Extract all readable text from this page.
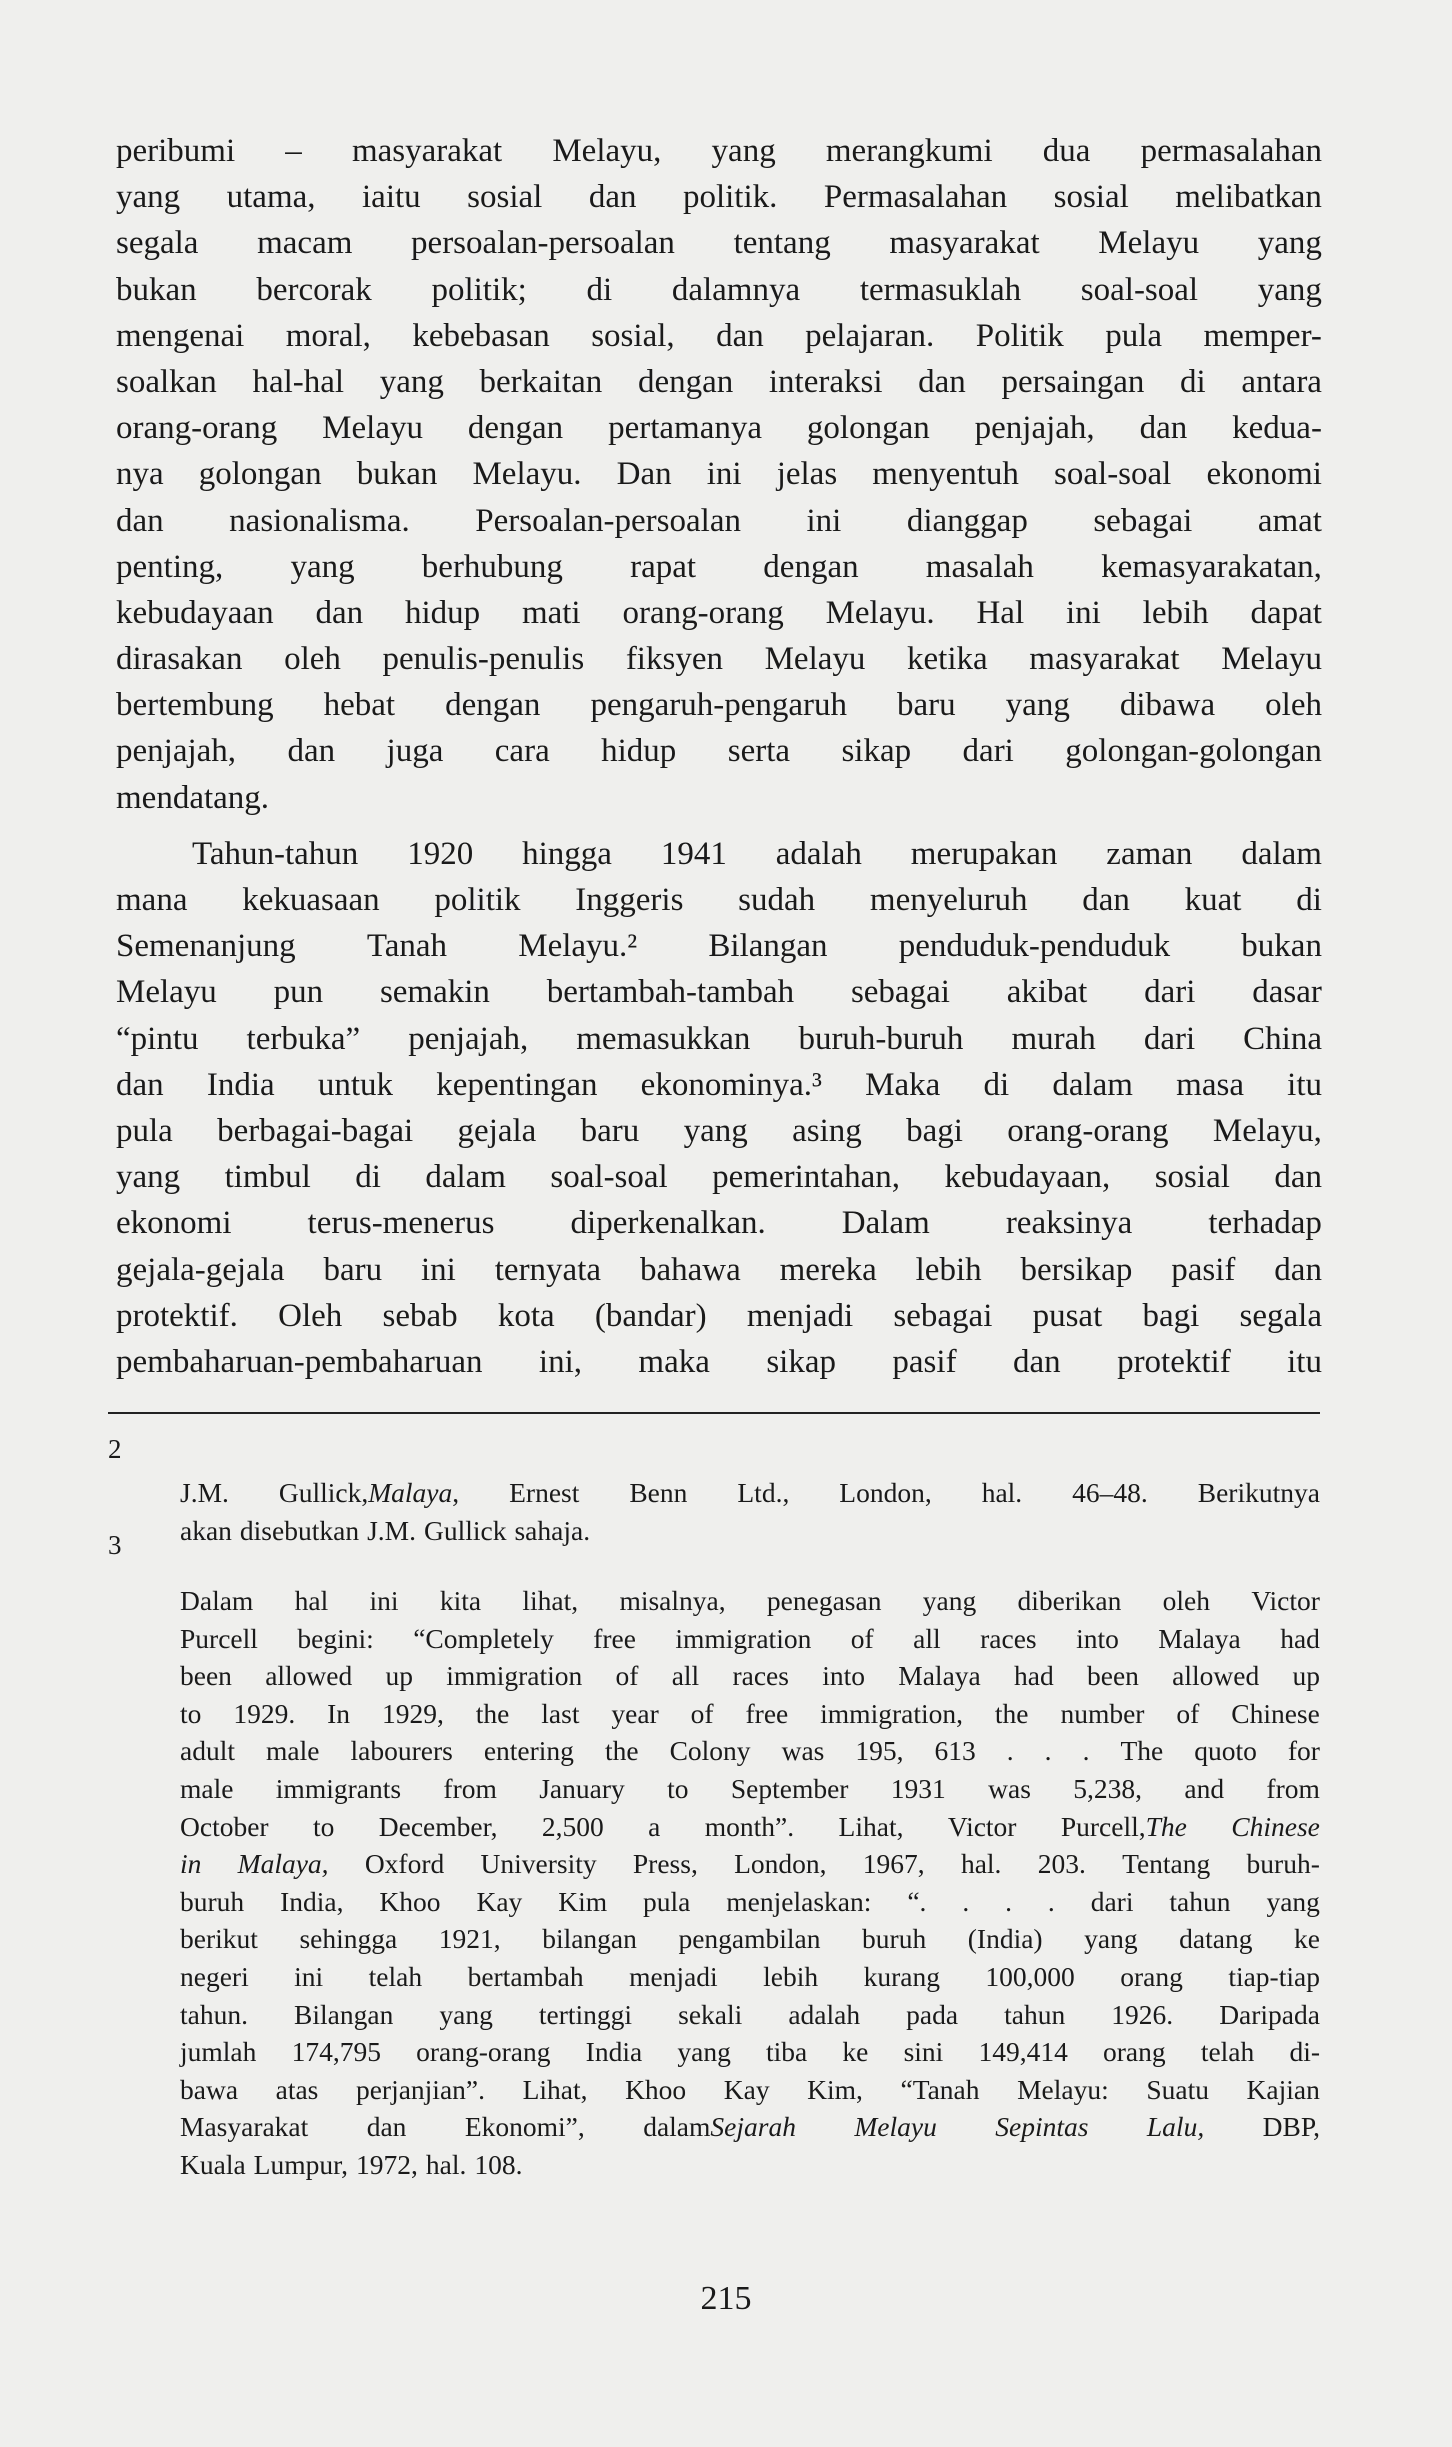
peribumi – masyarakat Melayu, yang merangkumi dua permasalahan
yang utama, iaitu sosial dan politik. Permasalahan sosial melibatkan
segala macam persoalan-persoalan tentang masyarakat Melayu yang
bukan bercorak politik; di dalamnya termasuklah soal-soal yang
mengenai moral, kebebasan sosial, dan pelajaran. Politik pula memper-
soalkan hal-hal yang berkaitan dengan interaksi dan persaingan di antara
orang-orang Melayu dengan pertamanya golongan penjajah, dan kedua-
nya golongan bukan Melayu. Dan ini jelas menyentuh soal-soal ekonomi
dan nasionalisma. Persoalan-persoalan ini dianggap sebagai amat
penting, yang berhubung rapat dengan masalah kemasyarakatan,
kebudayaan dan hidup mati orang-orang Melayu. Hal ini lebih dapat
dirasakan oleh penulis-penulis fiksyen Melayu ketika masyarakat Melayu
bertembung hebat dengan pengaruh-pengaruh baru yang dibawa oleh
penjajah, dan juga cara hidup serta sikap dari golongan-golongan
mendatang.
Tahun-tahun 1920 hingga 1941 adalah merupakan zaman dalam
mana kekuasaan politik Inggeris sudah menyeluruh dan kuat di
Semenanjung Tanah Melayu.² Bilangan penduduk-penduduk bukan
Melayu pun semakin bertambah-tambah sebagai akibat dari dasar
“pintu terbuka” penjajah, memasukkan buruh-buruh murah dari China
dan India untuk kepentingan ekonominya.³ Maka di dalam masa itu
pula berbagai-bagai gejala baru yang asing bagi orang-orang Melayu,
yang timbul di dalam soal-soal pemerintahan, kebudayaan, sosial dan
ekonomi terus-menerus diperkenalkan. Dalam reaksinya terhadap
gejala-gejala baru ini ternyata bahawa mereka lebih bersikap pasif dan
protektif. Oleh sebab kota (bandar) menjadi sebagai pusat bagi segala
pembaharuan-pembaharuan ini, maka sikap pasif dan protektif itu
2
J.M. Gullick,Malaya, Ernest Benn Ltd., London, hal. 46–48. Berikutnya
akan disebutkan J.M. Gullick sahaja.
3
Dalam hal ini kita lihat, misalnya, penegasan yang diberikan oleh Victor
Purcell begini: “Completely free immigration of all races into Malaya had
been allowed up immigration of all races into Malaya had been allowed up
to 1929. In 1929, the last year of free immigration, the number of Chinese
adult male labourers entering the Colony was 195, 613 . . . The quoto for
male immigrants from January to September 1931 was 5,238, and from
October to December, 2,500 a month”. Lihat, Victor Purcell,The Chinese
in Malaya, Oxford University Press, London, 1967, hal. 203. Tentang buruh-
buruh India, Khoo Kay Kim pula menjelaskan: “. . . . dari tahun yang
berikut sehingga 1921, bilangan pengambilan buruh (India) yang datang ke
negeri ini telah bertambah menjadi lebih kurang 100,000 orang tiap-tiap
tahun. Bilangan yang tertinggi sekali adalah pada tahun 1926. Daripada
jumlah 174,795 orang-orang India yang tiba ke sini 149,414 orang telah di-
bawa atas perjanjian”. Lihat, Khoo Kay Kim, “Tanah Melayu: Suatu Kajian
Masyarakat dan Ekonomi”, dalamSejarah Melayu Sepintas Lalu, DBP,
Kuala Lumpur, 1972, hal. 108.
215
